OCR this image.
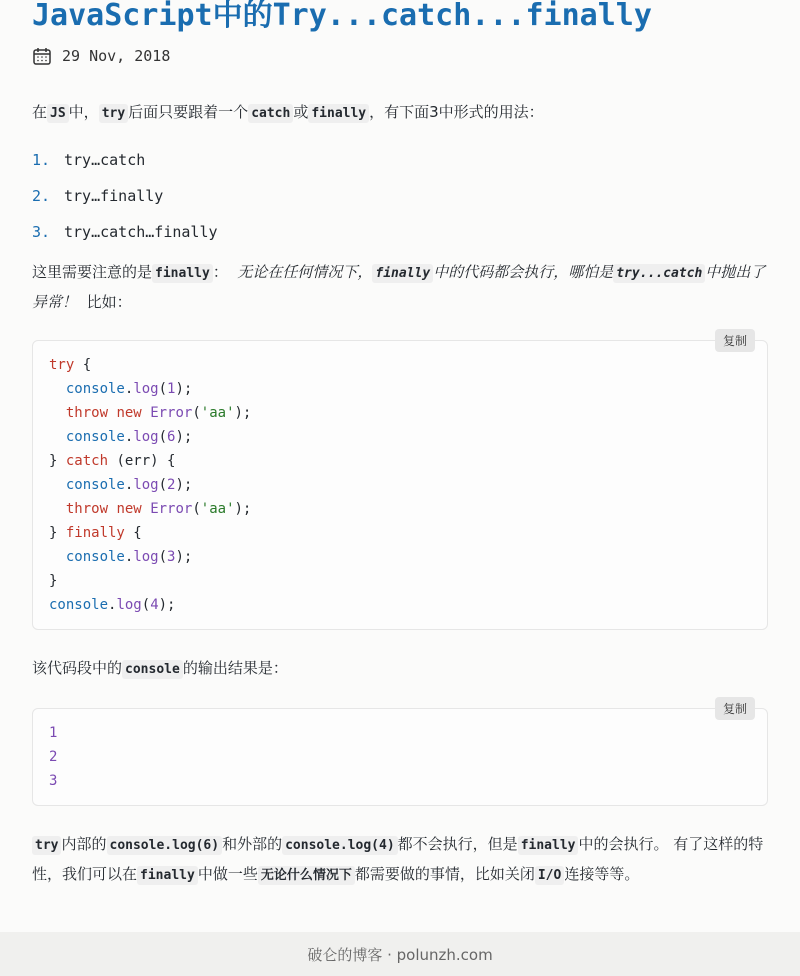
JavaScript中的Try...catch...finally
29 Nov, 2018

在 JS 中， try 后面只要跟着一个 catch 或 finally ，有下面3中形式的用法：

1. try…catch
2. try…finally
3. try…catch…finally

这里需要注意的是 finally ： 无论在任何情况下， finally 中的代码都会执行，哪怕是 try...catch 中抛出了异常！ 比如：

复制
try {
console.log(1);
throw new Error('aa');
console.log(6);
} catch (err) {
console.log(2);
throw new Error('aa');
} finally {
console.log(3);
}
console.log(4);

该代码段中的 console 的输出结果是：

复制
1
2
3

try 内部的 console.log(6) 和外部的 console.log(4) 都不会执行，但是 finally 中的会执行。 有了这样的特性，我们可以在 finally 中做一些 无论什么情况下 都需要做的事情，比如关闭 I/O 连接等等。

破仑的博客 · polunzh.com
